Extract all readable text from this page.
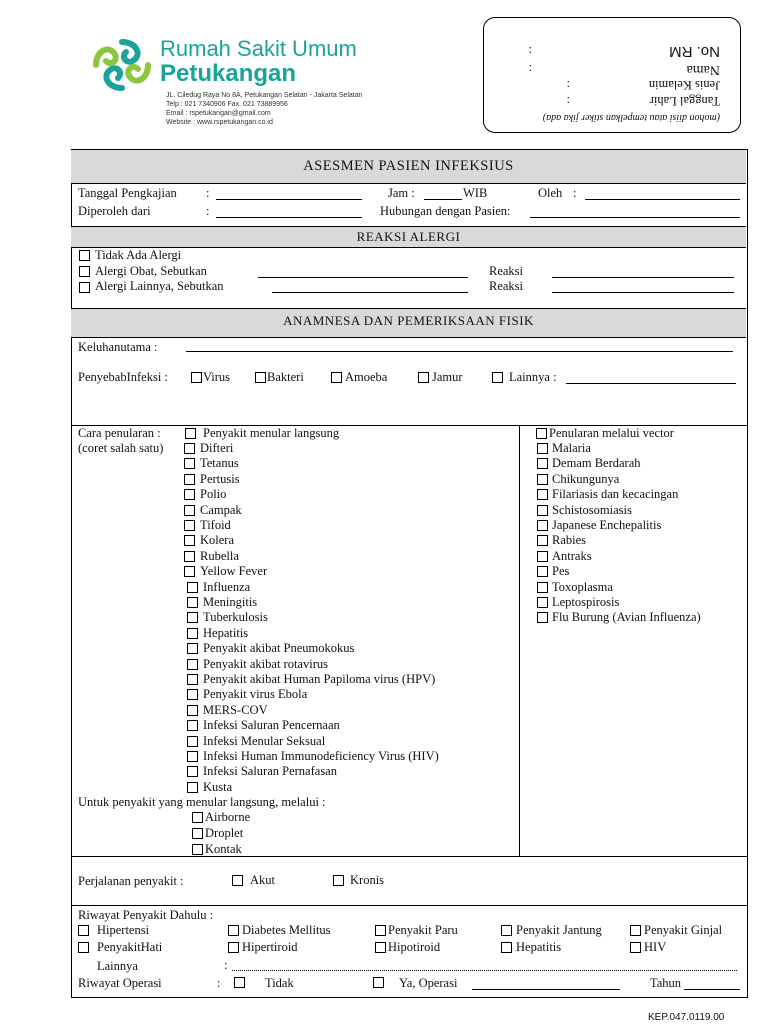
Rumah Sakit Umum
Petukangan
JL. Ciledug Raya No 8A, Petukangan Selatan - Jakarta Selatan
Telp : 021 7340906 Fax. 021 73889956
Email : rspetukangan@gmail.com
Website : www.rspetukangan.co.id	(mohon diisi atau tempelkan stiker jika ada)
Tanggal Lahir
:
Jenis Kelamin
:
Nama
:
No. RM
:
ASESMEN PASIEN INFEKSIUS
Tanggal Pengkajian :	Jam :	WIB	Oleh :
Diperoleh dari	:	Hubungan dengan Pasien:
REAKSI ALERGI
Tidak Ada Alergi
Alergi Obat, Sebutkan	Reaksi
Alergi Lainnya, Sebutkan	Reaksi
ANAMNESA DAN PEMERIKSAAN FISIK
Keluhanutama :
PenyebabInfeksi :	Virus	Bakteri	Amoeba	Jamur	Lainnya :
Cara penularan :
(coret salah satu)
Penyakit menular langsung
Difteri
Tetanus
Pertusis
Polio
Campak
Tifoid
Kolera
Rubella
Yellow Fever
Influenza
Meningitis
Tuberkulosis
Hepatitis
Penyakit akibat Pneumokokus
Penyakit akibat rotavirus
Penyakit akibat Human Papiloma virus (HPV)
Penyakit virus Ebola
MERS-COV
Infeksi Saluran Pencernaan
Infeksi Menular Seksual
Infeksi Human Immunodeficiency Virus (HIV)
Infeksi Saluran Pernafasan
Kusta
Untuk penyakit yang menular langsung, melalui :
Airborne
Droplet
Kontak
Penularan melalui vector
Malaria
Demam Berdarah
Chikungunya
Filariasis dan kecacingan
Schistosomiasis
Japanese Enchepalitis
Rabies
Antraks
Pes
Toxoplasma
Leptospirosis
Flu Burung (Avian Influenza)
Perjalanan penyakit :	Akut	Kronis
Riwayat Penyakit Dahulu :
Hipertensi	Diabetes Mellitus	Penyakit Paru	Penyakit Jantung	Penyakit Ginjal
PenyakitHati	Hipertiroid	Hipotiroid	Hepatitis	HIV
Lainnya	:
Riwayat Operasi	:	Tidak	Ya, Operasi	Tahun
KEP.047.0119.00
